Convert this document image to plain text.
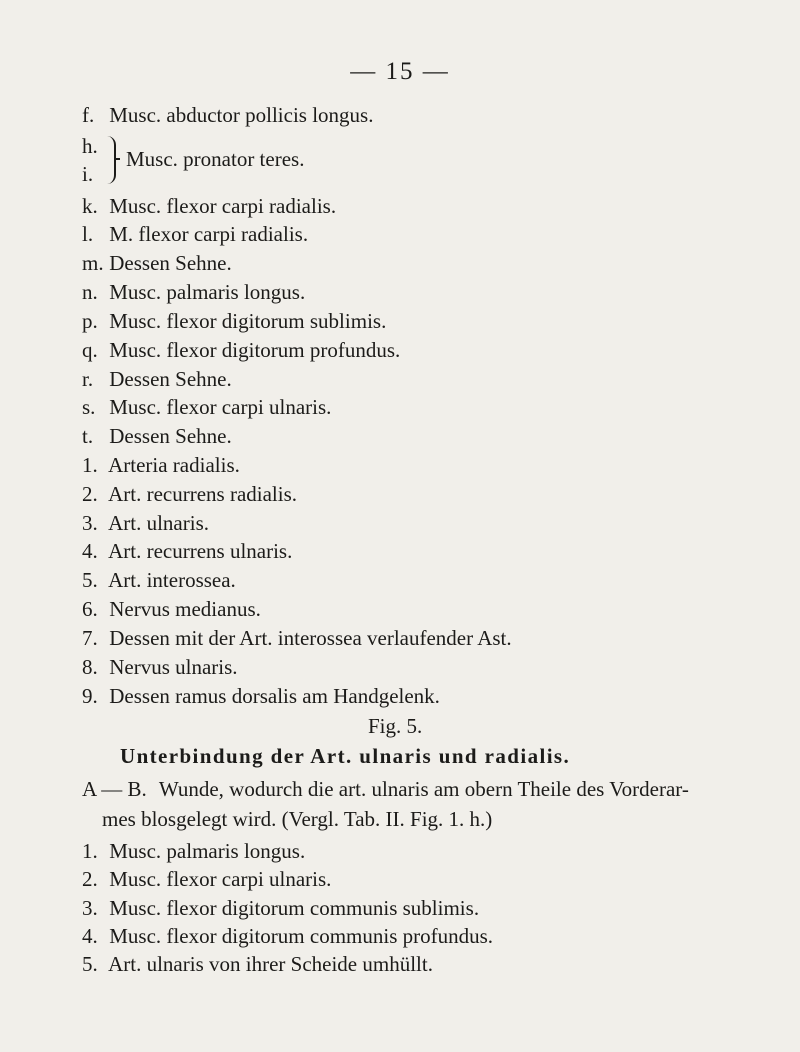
— 15 —
f. Musc. abductor pollicis longus.
h.
i.
Musc. pronator teres.
k. Musc. flexor carpi radialis.
l. M. flexor carpi radialis.
m. Dessen Sehne.
n. Musc. palmaris longus.
p. Musc. flexor digitorum sublimis.
q. Musc. flexor digitorum profundus.
r. Dessen Sehne.
s. Musc. flexor carpi ulnaris.
t. Dessen Sehne.
1. Arteria radialis.
2. Art. recurrens radialis.
3. Art. ulnaris.
4. Art. recurrens ulnaris.
5. Art. interossea.
6. Nervus medianus.
7. Dessen mit der Art. interossea verlaufender Ast.
8. Nervus ulnaris.
9. Dessen ramus dorsalis am Handgelenk.
Fig. 5.
Unterbindung der Art. ulnaris und radialis.
A — B. Wunde, wodurch die art. ulnaris am obern Theile des Vorderar-
mes blosgelegt wird. (Vergl. Tab. II. Fig. 1. h.)
1. Musc. palmaris longus.
2. Musc. flexor carpi ulnaris.
3. Musc. flexor digitorum communis sublimis.
4. Musc. flexor digitorum communis profundus.
5. Art. ulnaris von ihrer Scheide umhüllt.
